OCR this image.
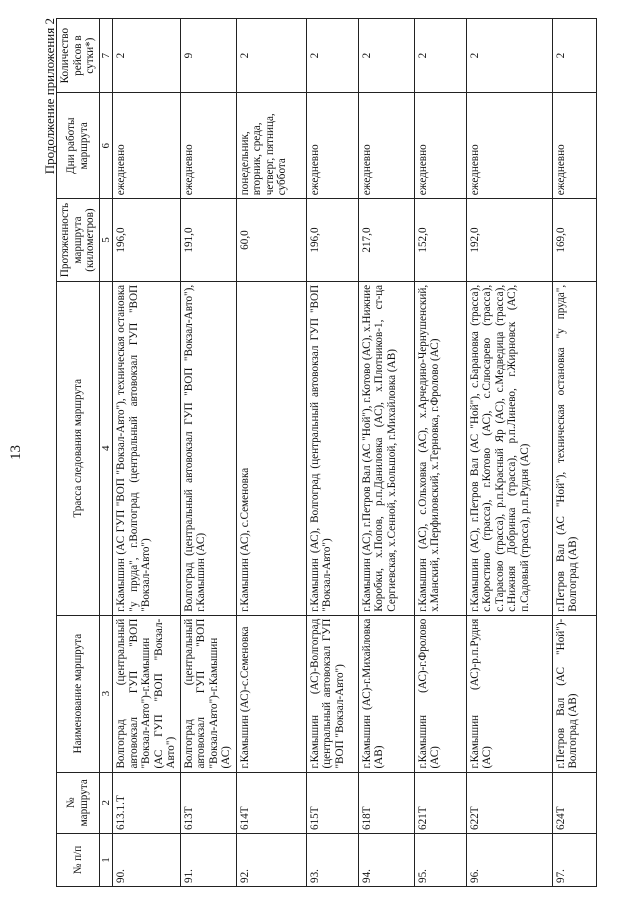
13
Продолжение приложения 2
№ п/п	№ маршрута	Наименование маршрута	Трасса следования маршрута	Протяженность маршрута (километров)	Дни работы маршрута	Количество рейсов в сутки*)
1	2	3	4	5	6	7
90.	613.1.Т	Волгоград (центральный автовокзал ГУП "ВОП "Вокзал-Авто")-г.Камышин (АС ГУП "ВОП "Вокзал-Авто")	г.Камышин (АС ГУП "ВОП "Вокзал-Авто"), техническая остановка "у пруда", г.Волгоград (центральный автовокзал ГУП "ВОП "Вокзал-Авто")	196,0	ежедневно	2
91.	613Т	Волгоград (центральный автовокзал ГУП "ВОП "Вокзал-Авто")-г.Камышин (АС)	Волгоград (центральный автовокзал ГУП "ВОП "Вокзал-Авто"), г.Камышин (АС)	191,0	ежедневно	9
92.	614Т	г.Камышин (АС)-с.Семеновка	г.Камышин (АС), с.Семеновка	60,0	понедельник, вторник, среда, четверг, пятница, суббота	2
93.	615Т	г.Камышин (АС)-Волгоград (центральный автовокзал ГУП "ВОП "Вокзал-Авто")	г.Камышин (АС), Волгоград (центральный автовокзал ГУП "ВОП "Вокзал-Авто")	196,0	ежедневно	2
94.	618Т	г.Камышин (АС)-г.Михайловка (АВ)	г.Камышин (АС), г.Петров Вал (АС "Ной"), г.Котово (АС), х.Нижние Коробки, х.Попов, р.п.Даниловка (АС), х.Плотников-1, ст-ца Сергиевская, х.Сенной, х.Большой, г.Михайловка (АВ)	217,0	ежедневно	2
95.	621Т	г.Камышин (АС)-г.Фролово (АС)	г.Камышин (АС), с.Ольховка (АС), х.Арчедино-Чернушенский, х.Манский, х.Перфиловский, х.Терновка, г.Фролово (АС)	152,0	ежедневно	2
96.	622Т	г.Камышин (АС)-р.п.Рудня (АС)	г.Камышин (АС), г.Петров Вал (АС "Ной"), с.Барановка (трасса), с.Коростино (трасса), г.Котово (АС), с.Слюсарево (трасса), с.Тарасово (трасса), р.п.Красный Яр (АС), с.Медведица (трасса), с.Нижняя Добринка (трасса), р.п.Линево, г.Жирновск (АС), п.Садовый (трасса), р.п.Рудня (АС)	192,0	ежедневно	2
97.	624Т	г.Петров Вал (АС "Ной")-Волгоград (АВ)	г.Петров Вал (АС "Ной"), техническая остановка "у пруда", Волгоград (АВ)	169,0	ежедневно	2
